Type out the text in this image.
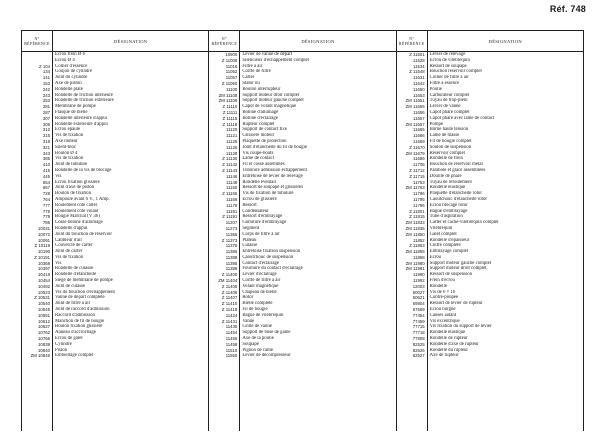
Réf. 748
N°
RÉFÉRENCE	DÉSIGNATION
Ecrou frein Ø 6
Ecrou Ø 4
Z 104	Collier d'essence
134	Goujon de cylindre
141	Joint du cylindre
153	Axe de piston
242	Rondelle plate
243	Rondelle de friction intérieure
253	Rondelle de friction extérieure
281	Membrane de pompe
287	Flasque de bielle
307	Rondelle intérieure d'appui
308	Rondelle extérieure d'appui
312	Ecrou épaulé
315	Vis de fixation
318	Axe moteur
321	Silent-bloc
343	Boulon Ø 4
385	Vis de fixation
410	Joint de tubulure
415	Rondelle de la vis de blocage
445	Vis
654	Ecrou fixation glissière
667	Joint d'axe de piston
728	Boulon de fixation
764	Ampoule avant 6 V., 1 Amp.
777	Roulement côté carter
778	Roulement côté volant
779	Bougie Marchal (V 36)
785	Cosse bobine d'allumage
10031	Rondelle d'appui
10072	Joint du bouchon de réservoir
10091	Cabbleur d'air
Z 10119	Couvercle de carter
10190	Joint de carter
Z 10191	Vis de fixation
10368	Vis
10397	Rondelle de culasse
10418	Rondelle d'étanchéité
10454	Siège de membrane de pompe
10492	Joint de culasse
10523	Vis du bouchon d'échappement
Z 10531	Vanne de départ complète
10540	Joint de filtre à air
10545	Joint de raccord d'admission
10551	Raccord d'admission
10612	Manchon de fil de bougie
10627	Boulon fixation glissière
10762	Anneau d'accrochage
10766	Ecrou de galet
10839	Cylindre
10840	Piston
ZM 10846	Embiellage complet
N°
RÉFÉRENCE	DÉSIGNATION
10900	Levier de vanne de départ
Z 11006	Silencieux d'échappement complet
11018	Filtre à air
11052	Coiffe de filtre
11057	Carter
Z 11060	Stator nu
11100	Bouton interrupteur
ZM 11108	Support moteur droit complet
ZM 11109	Support moteur gauche complet
Z 11110	Capot de volant magnétique
Z 11111	Bobine d'allumage
Z 11115	Bobine d'éclairage
Z 11118	Rupteur complet
11120	Support de contact fixe
11121	Glissière moteur
11125	Plaquette de protection
11126	Joint d'étanchéité du fil de bougie
11128	Vis coupe-bouts
Z 11130	Lame de contact
Z 11142	Fil et cosse assemblés
Z 11143	Tubulure admission échappement
11146	Entretoise de levier de relevage
11148	Rondelle éventail
11150	Ressort de soupape et glissières
Z 11155	Vis de fixation de tubulure
11166	Ecrou de glissière
11176	Ressort
11191	Condensateur
Z 11191	Ressort d'embrayage
11207	Garniture d'embrayage
11273	Segment
11366	Corps de filtre à air
Z 11373	Plateau
11375	Culasse
11386	Entretoise fixation suspension
11388	Caoutchouc de suspension
11395	Contact d'éclairage
11398	Fournure du contact d'éclairage
Z 11400	Levier d'éclairage
ZM 11404	Coiffe de filtre à air
Z 11405	Volant magnétique
Z 11406	Chapeau de bielle
Z 11407	Rotor
Z 11410	Bielle complète
Z 11418	Fil de bougie
11424	Bague de vilebrequin
Z 11431	Vanne
11435	Grille de vanne
11454	Support de buse de gaine
11456	Axe de la poulie
11458	Soupape
11510	Pignon de came
11560	Levier de décompresseur
N°
RÉFÉRENCE	DÉSIGNATION
Z 11501	Levier de relevage
11528	Ecrou de vilebrequin
11534	Ressort de soupape
Z 11548	Bouchon réservoir complet
11631	Collier de filtre à air
11642	Filtre à essence
11650	Poulie
11653	Carburateur complet
ZM 11651	Tuyau de trop-plein
ZM 11655	Levier de vanne
11656	Capot phare complet
11657	Capot phare avec lame de contact
ZM 11657	Pompe
11665	Borne haute tension
11666	Lame de masse
11669	Fil de bougie complet
Z 11670	Soulon de suspension
ZM 11679	Réservoir complet
11686	Rondelle de frein
11705	Bouchon de réservoir métal
Z 11712	Parabole et glace assemblées
Z 11715	Douille de phare
11753	Tuyau de refoulement
ZM 11763	Rondelle élastique
11786	Plaquette d'étanchéité rotor
11795	Caoutchouc d'étanchéité rotor
11796	Ecrou blocage rotor
Z 11801	Bague d'embrayage
Z 11815	Tube d'aspiration
ZM 11833	Carter et cache-vilebrequin complet
ZM 11835	Vilebrequin
ZM 11850	Galet complet
11852	Rondelle d'épaisseur
Z 11853	Coiffe complète
ZM 11855	Embrayage complet
11868	Ecrou
ZM 11980	Support moteur gauche complet
ZM 11981	Support moteur droit complet
11990	Ressort de suspension
11992	Frein d'écrou
12003	Rondelle
50027	Vis de 6 × 16
50621	Contre-poupée
59804	Ressort de levier de rupteur
67569	Ecrou borgne
77454	Causes aidant
77459	Vis excentrique
77715	Vis fixation du support de levier
77718	Rondelle élastique
77808	Rondelle de rupteur
82525	Rondelle d'axe de rupteur
82526	Rondelle du rupteur
82527	Axe de rupteur
